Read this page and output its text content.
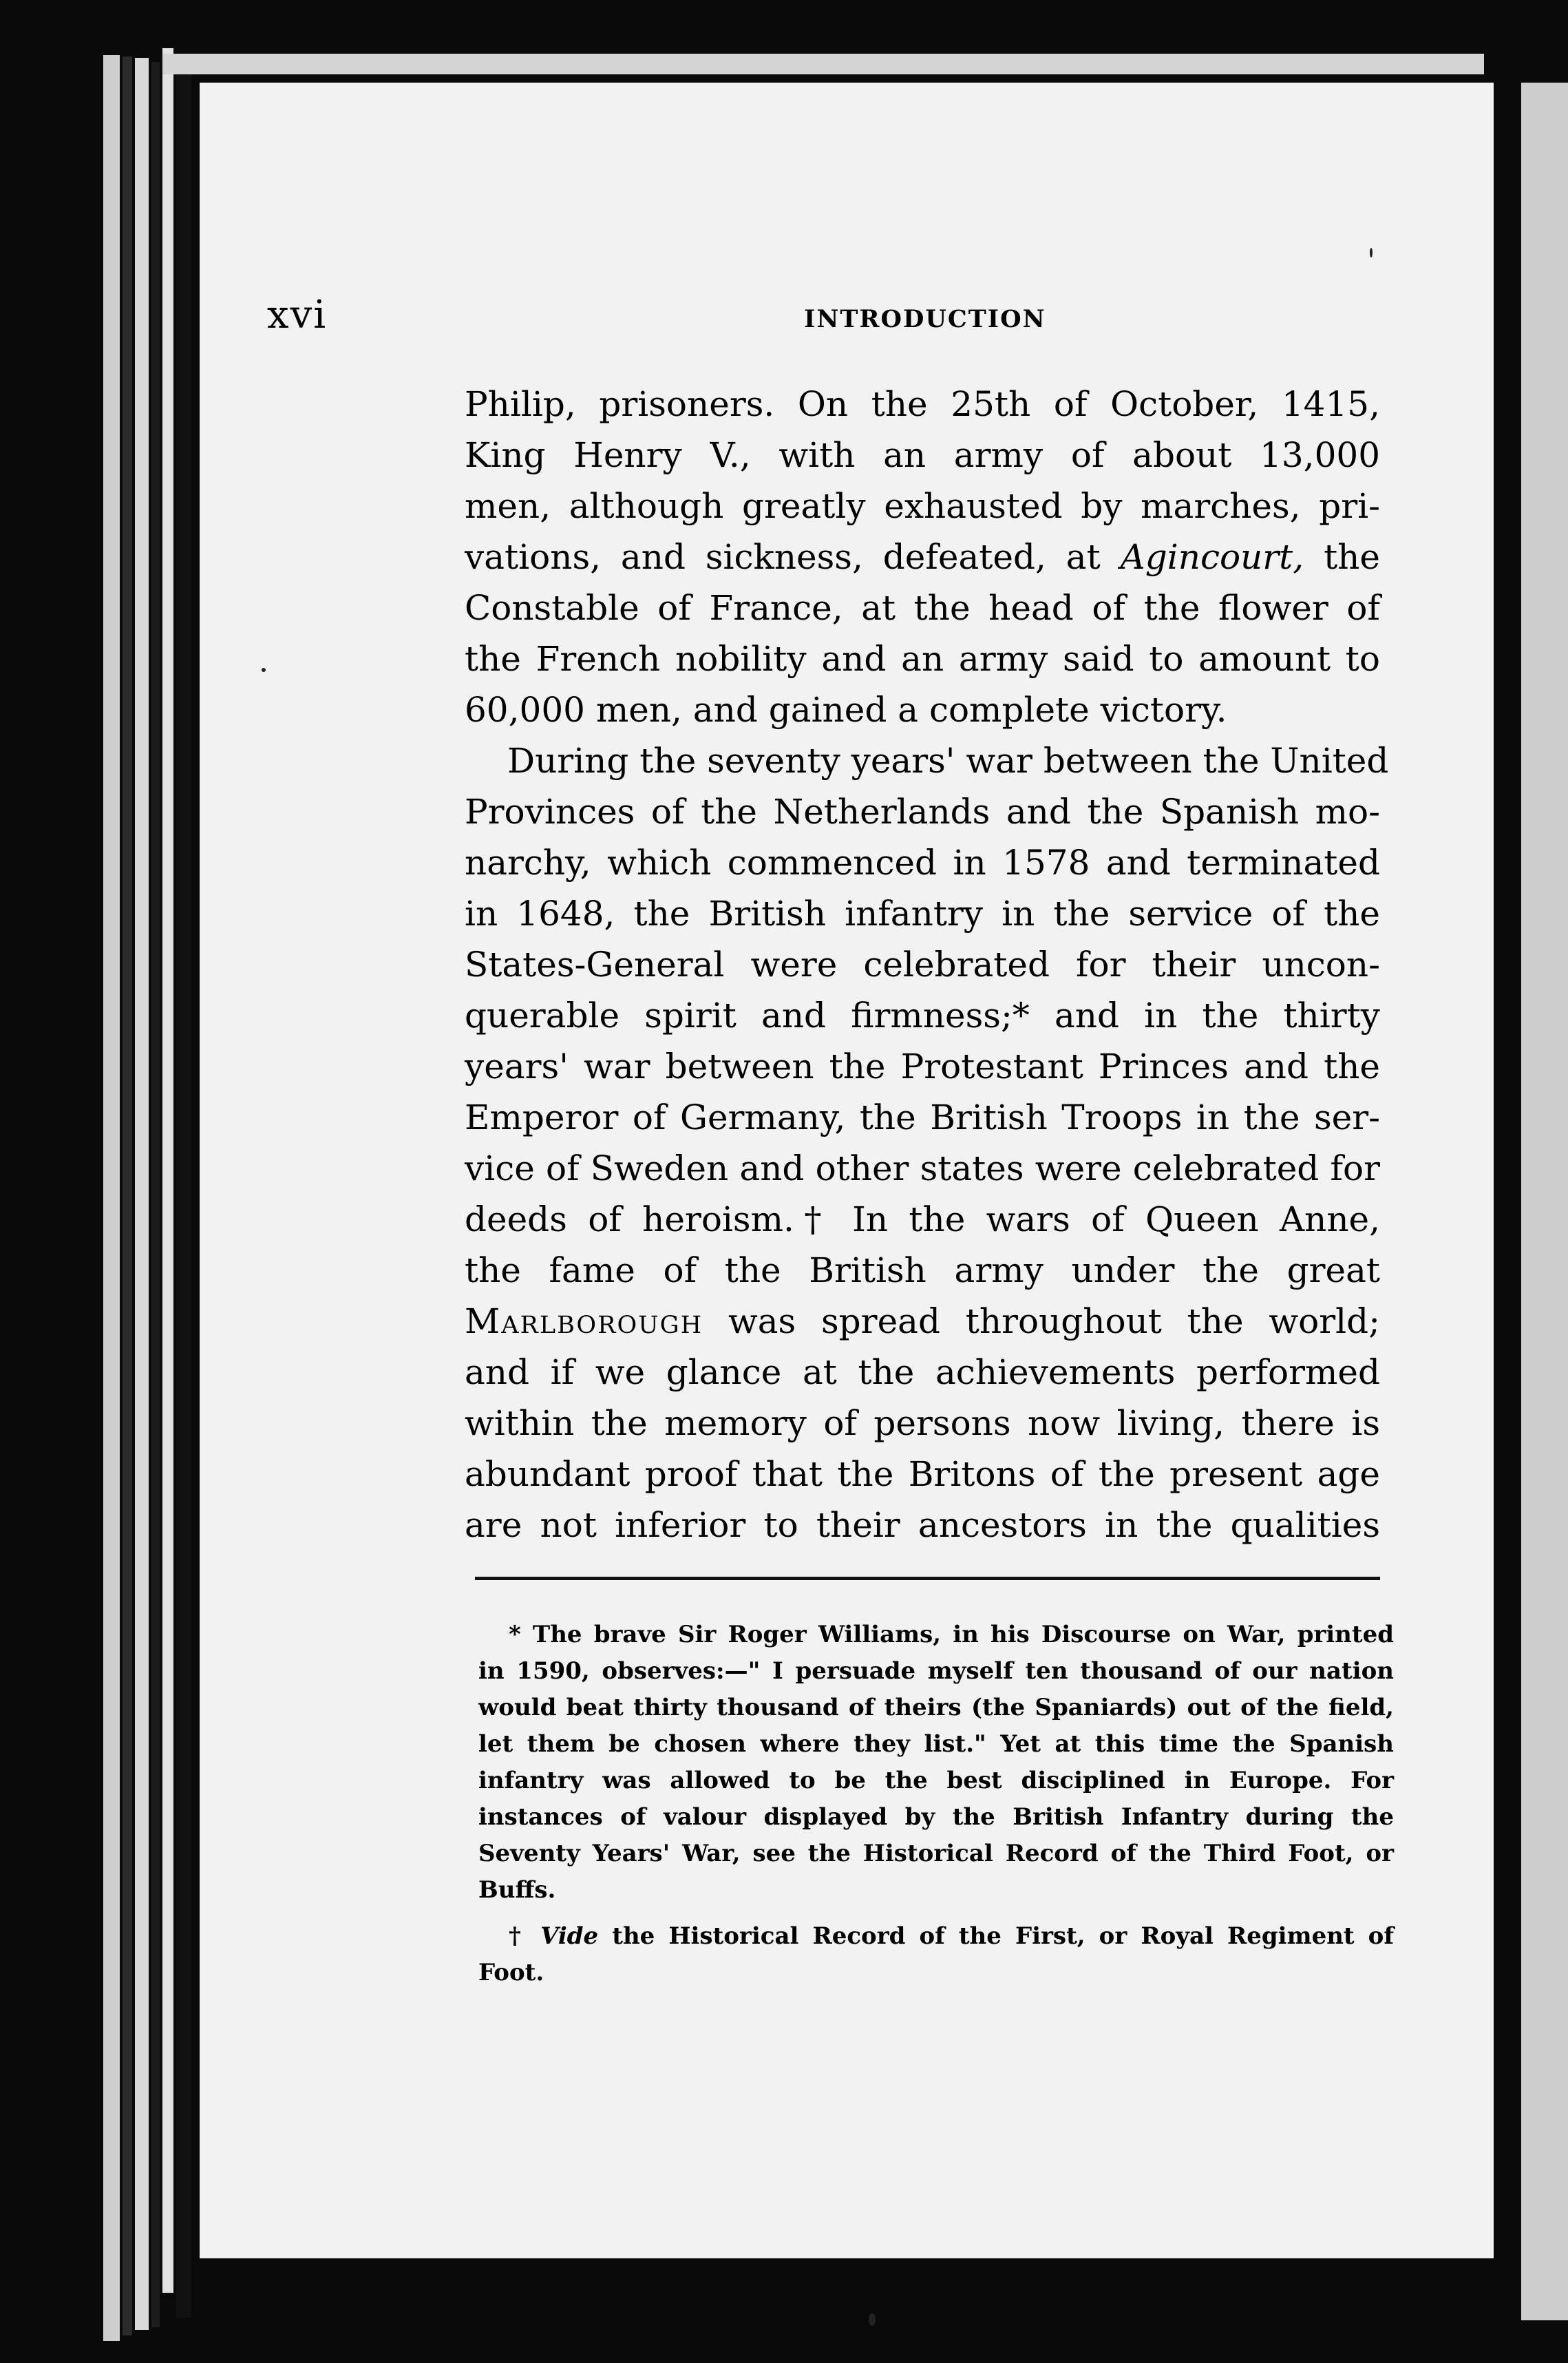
xvi	INTRODUCTION
Philip, prisoners. On the 25th of October, 1415,
King Henry V., with an army of about 13,000
men, although greatly exhausted by marches, pri-
vations, and sickness, defeated, at Agincourt, the
Constable of France, at the head of the flower of
the French nobility and an army said to amount to
60,000 men, and gained a complete victory.
During the seventy years' war between the United
Provinces of the Netherlands and the Spanish mo-
narchy, which commenced in 1578 and terminated
in 1648, the British infantry in the service of the
States-General were celebrated for their uncon-
querable spirit and firmness;* and in the thirty
years' war between the Protestant Princes and the
Emperor of Germany, the British Troops in the ser-
vice of Sweden and other states were celebrated for
deeds of heroism.† In the wars of Queen Anne,
the fame of the British army under the great
Marlborough was spread throughout the world;
and if we glance at the achievements performed
within the memory of persons now living, there is
abundant proof that the Britons of the present age
are not inferior to their ancestors in the qualities
* The brave Sir Roger Williams, in his Discourse on War, printed
in 1590, observes:—" I persuade myself ten thousand of our nation
would beat thirty thousand of theirs (the Spaniards) out of the field,
let them be chosen where they list." Yet at this time the Spanish
infantry was allowed to be the best disciplined in Europe. For
instances of valour displayed by the British Infantry during the
Seventy Years' War, see the Historical Record of the Third Foot, or
Buffs.
† Vide the Historical Record of the First, or Royal Regiment of
Foot.
